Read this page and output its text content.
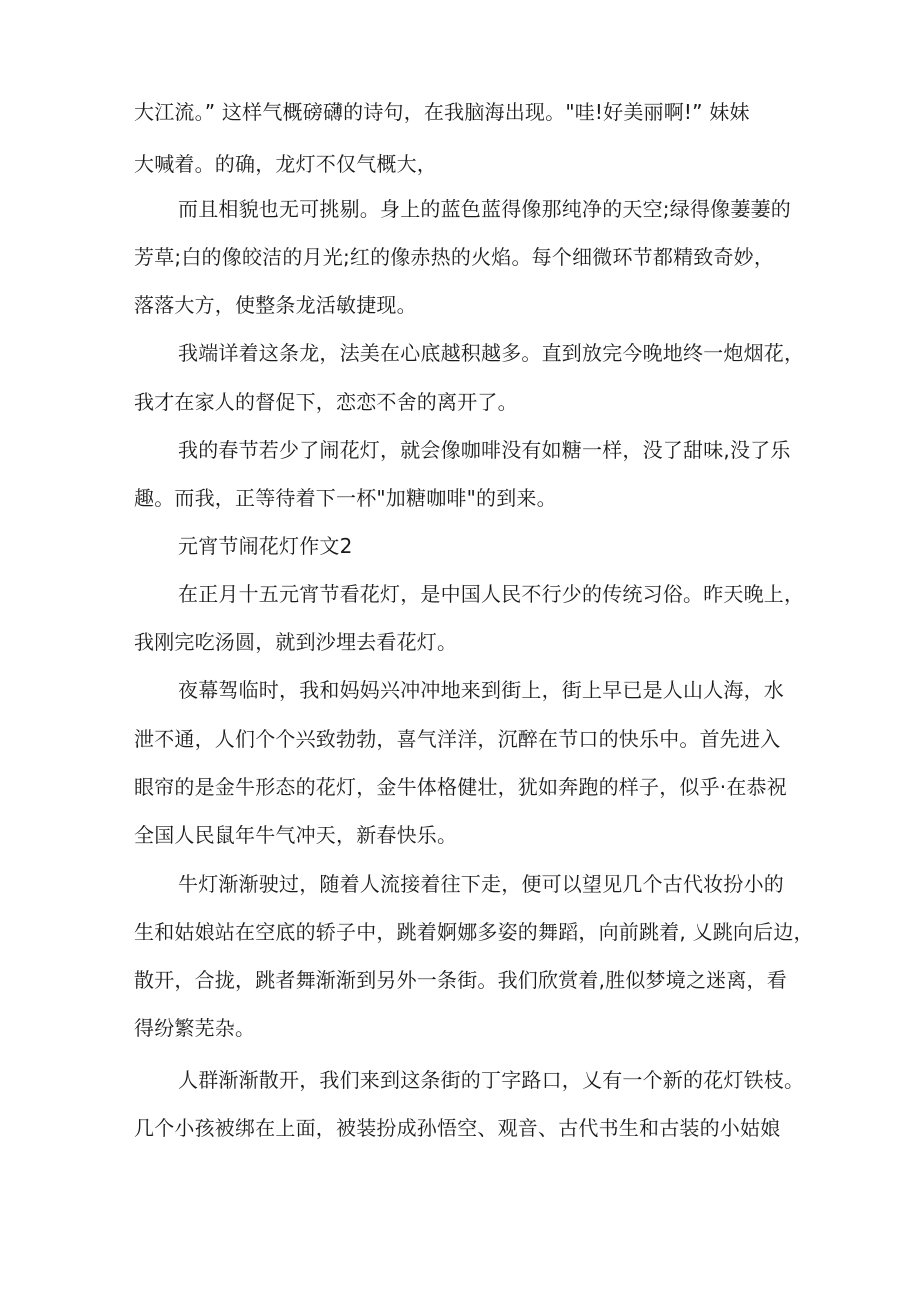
大江流。” 这样气概磅礴的诗句，在我脑海出现。"哇!好美丽啊!” 妹妹
大喊着。的确，龙灯不仅气概大，
而且相貌也无可挑剔。身上的蓝色蓝得像那纯净的天空;绿得像萋萋的
芳草;白的像皎洁的月光;红的像赤热的火焰。每个细微环节都精致奇妙，
落落大方，使整条龙活敏捷现。
我端详着这条龙，法美在心底越积越多。直到放完今晚地终一炮烟花，
我才在家人的督促下，恋恋不舍的离开了。
我的春节若少了闹花灯，就会像咖啡没有如糖一样，没了甜味,没了乐
趣。而我，正等待着下一杯"加糖咖啡"的到来。
元宵节闹花灯作文2
在正月十五元宵节看花灯，是中国人民不行少的传统习俗。昨天晚上，
我刚完吃汤圆，就到沙埋去看花灯。
夜幕驾临时，我和妈妈兴冲冲地来到街上，街上早已是人山人海，水
泄不通，人们个个兴致勃勃，喜气洋洋，沉醉在节口的快乐中。首先进入
眼帘的是金牛形态的花灯，金牛体格健壮，犹如奔跑的样子，似乎·在恭祝
全国人民鼠年牛气冲天，新春快乐。
牛灯渐渐驶过，随着人流接着往下走，便可以望见几个古代妆扮小的
生和姑娘站在空底的轿子中，跳着婀娜多姿的舞蹈，向前跳着, 乂跳向后边，
散开，合拢，跳者舞渐渐到另外一条街。我们欣赏着,胜似梦境之迷离，看
得纷繁芜杂。
人群渐渐散开，我们来到这条街的丁字路口，乂有一个新的花灯铁枝。
几个小孩被绑在上面，被装扮成孙悟空、观音、古代书生和古装的小姑娘
